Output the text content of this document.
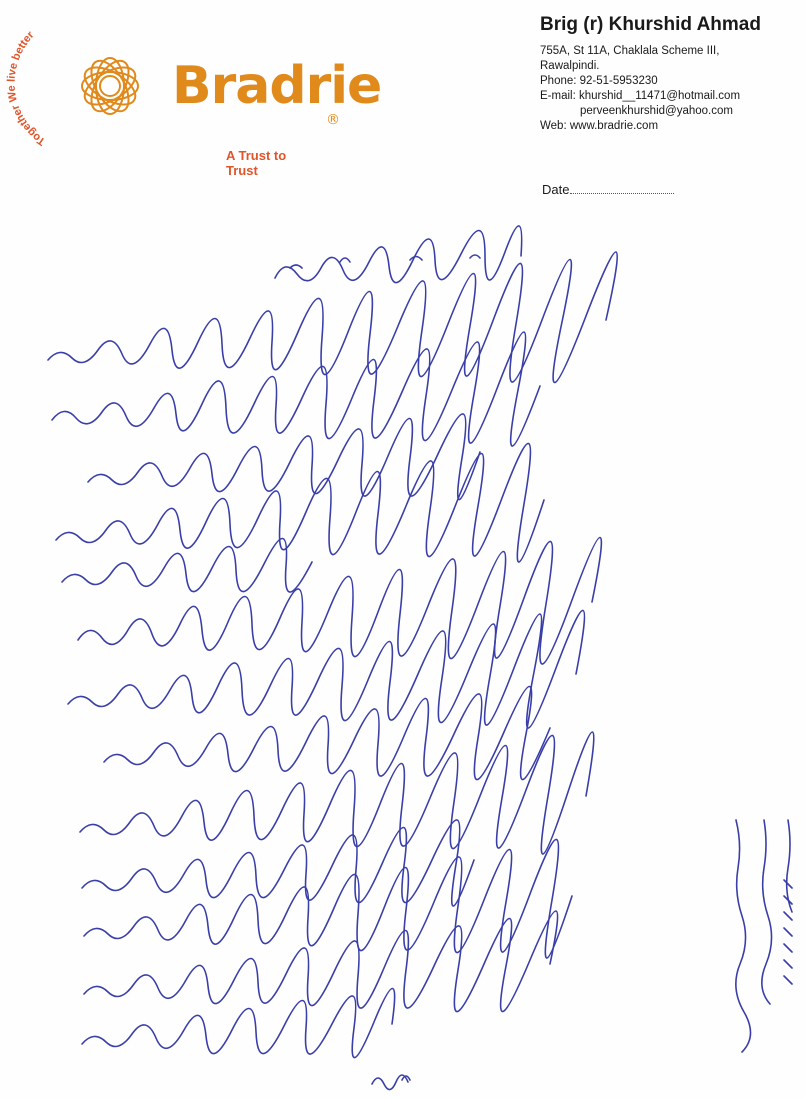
Together We live better
Bradrie
®
A Trust to Trust
Brig (r) Khurshid Ahmad
755A, St 11A, Chaklala Scheme III,
Rawalpindi.
Phone: 92-51-5953230
E-mail: khurshid__11471@hotmail.com
perveenkhurshid@yahoo.com
Web: www.bradrie.com
Date
